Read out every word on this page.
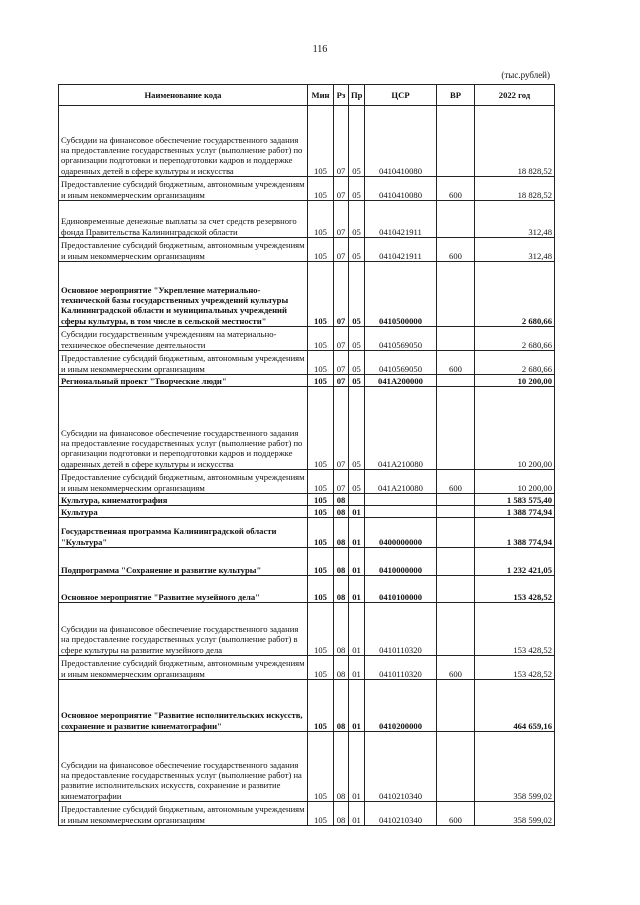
116
(тыс.рублей)
Наименование кода	Мин	Рз	Пр	ЦСР	ВР	2022 год
Субсидии на финансовое обеспечение государственного задания на предоставление государственных услуг (выполнение работ) по организации подготовки и переподготовки кадров и поддержке одаренных детей в сфере культуры и искусства	105	07	05	0410410080		18 828,52
Предоставление субсидий бюджетным, автономным учреждениям и иным некоммерческим организациям	105	07	05	0410410080	600	18 828,52
Единовременные денежные выплаты за счет средств резервного фонда Правительства Калининградской области	105	07	05	0410421911		312,48
Предоставление субсидий бюджетным, автономным учреждениям и иным некоммерческим организациям	105	07	05	0410421911	600	312,48
Основное мероприятие "Укрепление материально-технической базы государственных учреждений культуры Калининградской области и муниципальных учреждений сферы культуры, в том числе в сельской местности"	105	07	05	0410500000		2 680,66
Субсидии государственным учреждениям на материально-техническое обеспечение деятельности	105	07	05	0410569050		2 680,66
Предоставление субсидий бюджетным, автономным учреждениям и иным некоммерческим организациям	105	07	05	0410569050	600	2 680,66
Региональный проект "Творческие люди"	105	07	05	041A200000		10 200,00
Субсидии на финансовое обеспечение государственного задания на предоставление государственных услуг (выполнение работ) по организации подготовки и переподготовки кадров и поддержке одаренных детей в сфере культуры и искусства	105	07	05	041A210080		10 200,00
Предоставление субсидий бюджетным, автономным учреждениям и иным некоммерческим организациям	105	07	05	041A210080	600	10 200,00
Культура, кинематография	105	08				1 583 575,40
Культура	105	08	01			1 388 774,94
Государственная программа Калининградской области "Культура"	105	08	01	0400000000		1 388 774,94
Подпрограмма "Сохранение и развитие культуры"	105	08	01	0410000000		1 232 421,05
Основное мероприятие "Развитие музейного дела"	105	08	01	0410100000		153 428,52
Субсидии на финансовое обеспечение государственного задания на предоставление государственных услуг (выполнение работ) в сфере культуры на развитие музейного дела	105	08	01	0410110320		153 428,52
Предоставление субсидий бюджетным, автономным учреждениям и иным некоммерческим организациям	105	08	01	0410110320	600	153 428,52
Основное мероприятие "Развитие исполнительских искусств, сохранение и развитие кинематографии"	105	08	01	0410200000		464 659,16
Субсидии на финансовое обеспечение государственного задания на предоставление государственных услуг (выполнение работ) на развитие исполнительских искусств, сохранение и развитие кинематографии	105	08	01	0410210340		358 599,02
Предоставление субсидий бюджетным, автономным учреждениям и иным некоммерческим организациям	105	08	01	0410210340	600	358 599,02
